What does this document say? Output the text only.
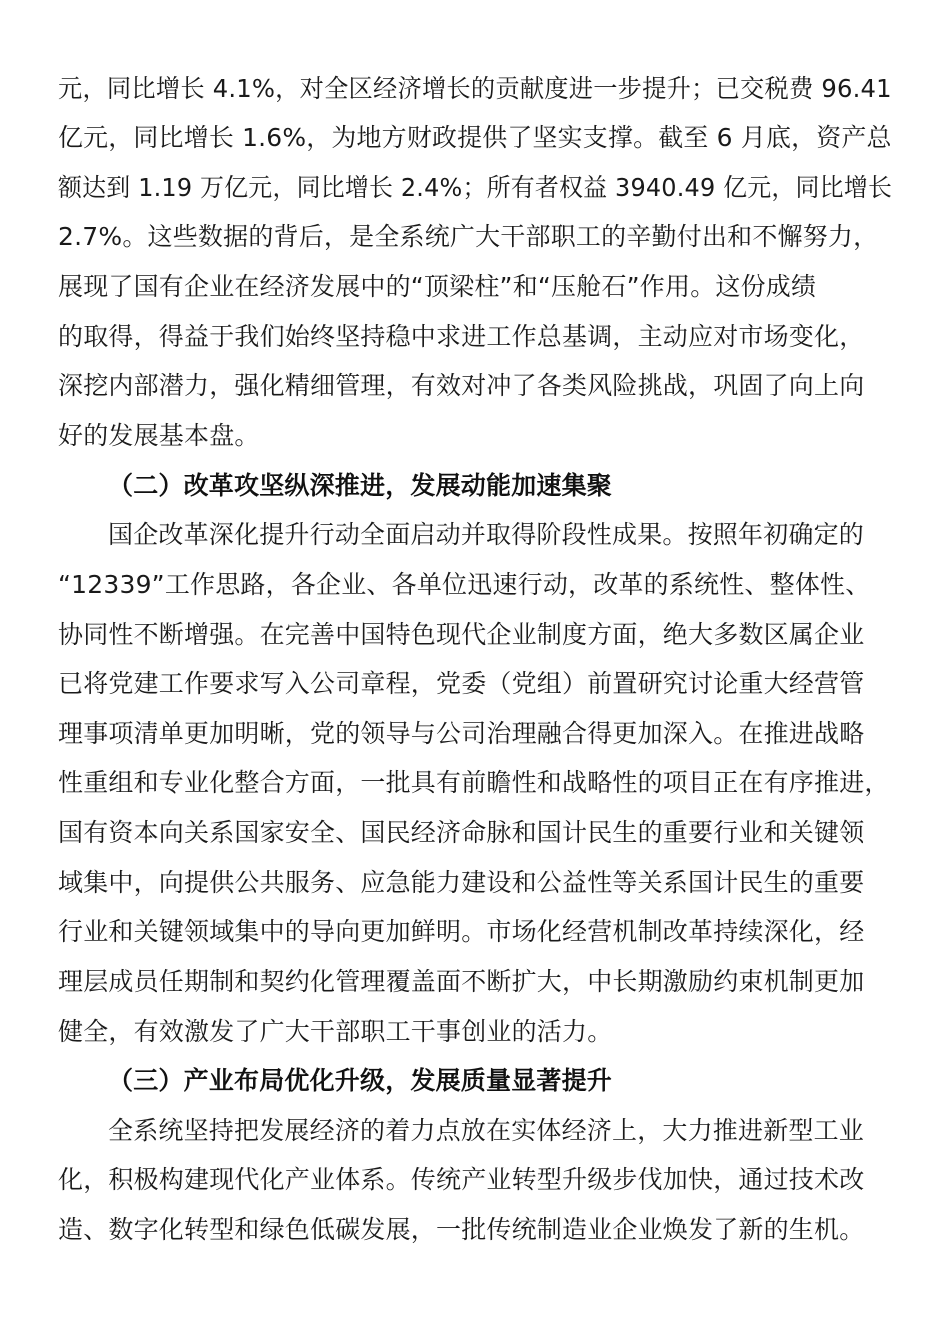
元，同比增长 4.1%，对全区经济增长的贡献度进一步提升；已交税费 96.41
亿元，同比增长 1.6%，为地方财政提供了坚实支撑。截至 6 月底，资产总
额达到 1.19 万亿元，同比增长 2.4%；所有者权益 3940.49 亿元，同比增长
2.7%。这些数据的背后，是全系统广大干部职工的辛勤付出和不懈努力，
展现了国有企业在经济发展中的“顶梁柱”和“压舱石”作用。这份成绩
的取得，得益于我们始终坚持稳中求进工作总基调，主动应对市场变化，
深挖内部潜力，强化精细管理，有效对冲了各类风险挑战，巩固了向上向
好的发展基本盘。
（二）改革攻坚纵深推进，发展动能加速集聚
国企改革深化提升行动全面启动并取得阶段性成果。按照年初确定的
“12339”工作思路，各企业、各单位迅速行动，改革的系统性、整体性、
协同性不断增强。在完善中国特色现代企业制度方面，绝大多数区属企业
已将党建工作要求写入公司章程，党委（党组）前置研究讨论重大经营管
理事项清单更加明晰，党的领导与公司治理融合得更加深入。在推进战略
性重组和专业化整合方面，一批具有前瞻性和战略性的项目正在有序推进，
国有资本向关系国家安全、国民经济命脉和国计民生的重要行业和关键领
域集中，向提供公共服务、应急能力建设和公益性等关系国计民生的重要
行业和关键领域集中的导向更加鲜明。市场化经营机制改革持续深化，经
理层成员任期制和契约化管理覆盖面不断扩大，中长期激励约束机制更加
健全，有效激发了广大干部职工干事创业的活力。
（三）产业布局优化升级，发展质量显著提升
全系统坚持把发展经济的着力点放在实体经济上，大力推进新型工业
化，积极构建现代化产业体系。传统产业转型升级步伐加快，通过技术改
造、数字化转型和绿色低碳发展，一批传统制造业企业焕发了新的生机。
